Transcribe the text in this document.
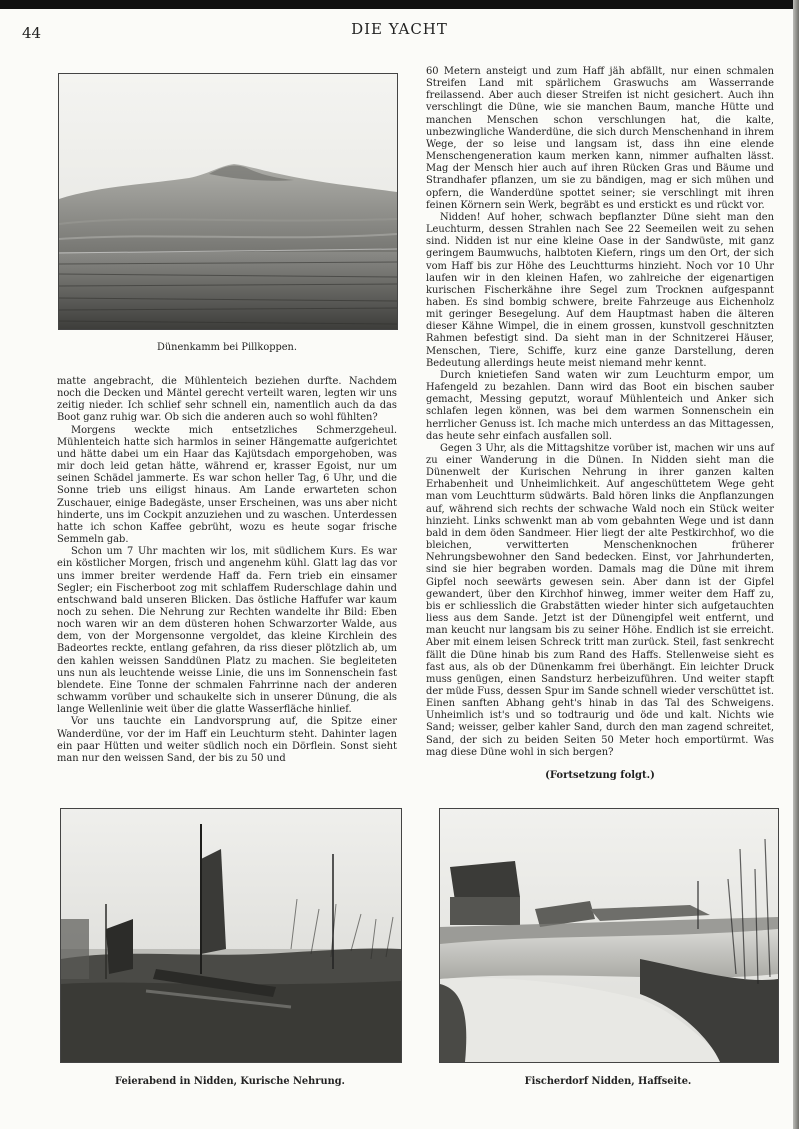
44	DIE YACHT
Dünenkamm bei Pillkoppen.

matte angebracht, die Mühlenteich beziehen durfte. Nachdem noch die Decken und Mäntel gerecht verteilt waren, legten wir uns zeitig nieder. Ich schlief sehr schnell ein, namentlich auch da das Boot ganz ruhig war. Ob sich die anderen auch so wohl fühlten?

Morgens weckte mich entsetzliches Schmerzgeheul. Mühlenteich hatte sich harmlos in seiner Hängematte aufgerichtet und hätte dabei um ein Haar das Kajütsdach emporgehoben, was mir doch leid getan hätte, während er, krasser Egoist, nur um seinen Schädel jammerte. Es war schon heller Tag, 6 Uhr, und die Sonne trieb uns eiligst hinaus. Am Lande erwarteten schon Zuschauer, einige Badegäste, unser Erscheinen, was uns aber nicht hinderte, uns im Cockpit anzuziehen und zu waschen. Unterdessen hatte ich schon Kaffee gebrüht, wozu es heute sogar frische Semmeln gab.

Schon um 7 Uhr machten wir los, mit südlichem Kurs. Es war ein köstlicher Morgen, frisch und angenehm kühl. Glatt lag das vor uns immer breiter werdende Haff da. Fern trieb ein einsamer Segler; ein Fischerboot zog mit schlaffem Ruderschlage dahin und entschwand bald unseren Blicken. Das östliche Haffufer war kaum noch zu sehen. Die Nehrung zur Rechten wandelte ihr Bild: Eben noch waren wir an dem düsteren hohen Schwarzorter Walde, aus dem, von der Morgensonne vergoldet, das kleine Kirchlein des Badeortes reckte, entlang gefahren, da riss dieser plötzlich ab, um den kahlen weissen Sanddünen Platz zu machen. Sie begleiteten uns nun als leuchtende weisse Linie, die uns im Sonnenschein fast blendete. Eine Tonne der schmalen Fahrrinne nach der anderen schwamm vorüber und schaukelte sich in unserer Dünung, die als lange Wellenlinie weit über die glatte Wasserfläche hinlief.

Vor uns tauchte ein Landvorsprung auf, die Spitze einer Wanderdüne, vor der im Haff ein Leuchturm steht. Dahinter lagen ein paar Hütten und weiter südlich noch ein Dörflein. Sonst sieht man nur den weissen Sand, der bis zu 50 und

60 Metern ansteigt und zum Haff jäh abfällt, nur einen schmalen Streifen Land mit spärlichem Graswuchs am Wasserrande freilassend. Aber auch dieser Streifen ist nicht gesichert. Auch ihn verschlingt die Düne, wie sie manchen Baum, manche Hütte und manchen Menschen schon verschlungen hat, die kalte, unbezwingliche Wanderdüne, die sich durch Menschenhand in ihrem Wege, der so leise und langsam ist, dass ihn eine elende Menschengeneration kaum merken kann, nimmer aufhalten lässt. Mag der Mensch hier auch auf ihren Rücken Gras und Bäume und Strandhafer pflanzen, um sie zu bändigen, mag er sich mühen und opfern, die Wanderdüne spottet seiner; sie verschlingt mit ihren feinen Körnern sein Werk, begräbt es und erstickt es und rückt vor.

Nidden! Auf hoher, schwach bepflanzter Düne sieht man den Leuchturm, dessen Strahlen nach See 22 Seemeilen weit zu sehen sind. Nidden ist nur eine kleine Oase in der Sandwüste, mit ganz geringem Baumwuchs, halbtoten Kiefern, rings um den Ort, der sich vom Haff bis zur Höhe des Leuchtturms hinzieht. Noch vor 10 Uhr laufen wir in den kleinen Hafen, wo zahlreiche der eigenartigen kurischen Fischerkähne ihre Segel zum Trocknen aufgespannt haben. Es sind bombig schwere, breite Fahrzeuge aus Eichenholz mit geringer Besegelung. Auf dem Hauptmast haben die älteren dieser Kähne Wimpel, die in einem grossen, kunstvoll geschnitzten Rahmen befestigt sind. Da sieht man in der Schnitzerei Häuser, Menschen, Tiere, Schiffe, kurz eine ganze Darstellung, deren Bedeutung allerdings heute meist niemand mehr kennt.

Durch knietiefen Sand waten wir zum Leuchturm empor, um Hafengeld zu bezahlen. Dann wird das Boot ein bischen sauber gemacht, Messing geputzt, worauf Mühlenteich und Anker sich schlafen legen können, was bei dem warmen Sonnenschein ein herrlicher Genuss ist. Ich mache mich unterdess an das Mittagessen, das heute sehr einfach ausfallen soll.

Gegen 3 Uhr, als die Mittagshitze vorüber ist, machen wir uns auf zu einer Wanderung in die Dünen. In Nidden sieht man die Dünenwelt der Kurischen Nehrung in ihrer ganzen kalten Erhabenheit und Unheimlichkeit. Auf angeschüttetem Wege geht man vom Leuchtturm südwärts. Bald hören links die Anpflanzungen auf, während sich rechts der schwache Wald noch ein Stück weiter hinzieht. Links schwenkt man ab vom gebahnten Wege und ist dann bald in dem öden Sandmeer. Hier liegt der alte Pestkirchhof, wo die bleichen, verwitterten Menschenknochen früherer Nehrungsbewohner den Sand bedecken. Einst, vor Jahrhunderten, sind sie hier begraben worden. Damals mag die Düne mit ihrem Gipfel noch seewärts gewesen sein. Aber dann ist der Gipfel gewandert, über den Kirchhof hinweg, immer weiter dem Haff zu, bis er schliesslich die Grabstätten wieder hinter sich aufgetauchten liess aus dem Sande. Jetzt ist der Dünengipfel weit entfernt, und man keucht nur langsam bis zu seiner Höhe. Endlich ist sie erreicht. Aber mit einem leisen Schreck tritt man zurück. Steil, fast senkrecht fällt die Düne hinab bis zum Rand des Haffs. Stellenweise sieht es fast aus, als ob der Dünenkamm frei überhängt. Ein leichter Druck muss genügen, einen Sandsturz herbeizuführen. Und weiter stapft der müde Fuss, dessen Spur im Sande schnell wieder verschüttet ist. Einen sanften Abhang geht's hinab in das Tal des Schweigens. Unheimlich ist's und so todtraurig und öde und kalt. Nichts wie Sand; weisser, gelber kahler Sand, durch den man zagend schreitet, Sand, der sich zu beiden Seiten 50 Meter hoch emportürmt. Was mag diese Düne wohl in sich bergen?

(Fortsetzung folgt.)
Feierabend in Nidden, Kurische Nehrung.	Fischerdorf Nidden, Haffseite.
